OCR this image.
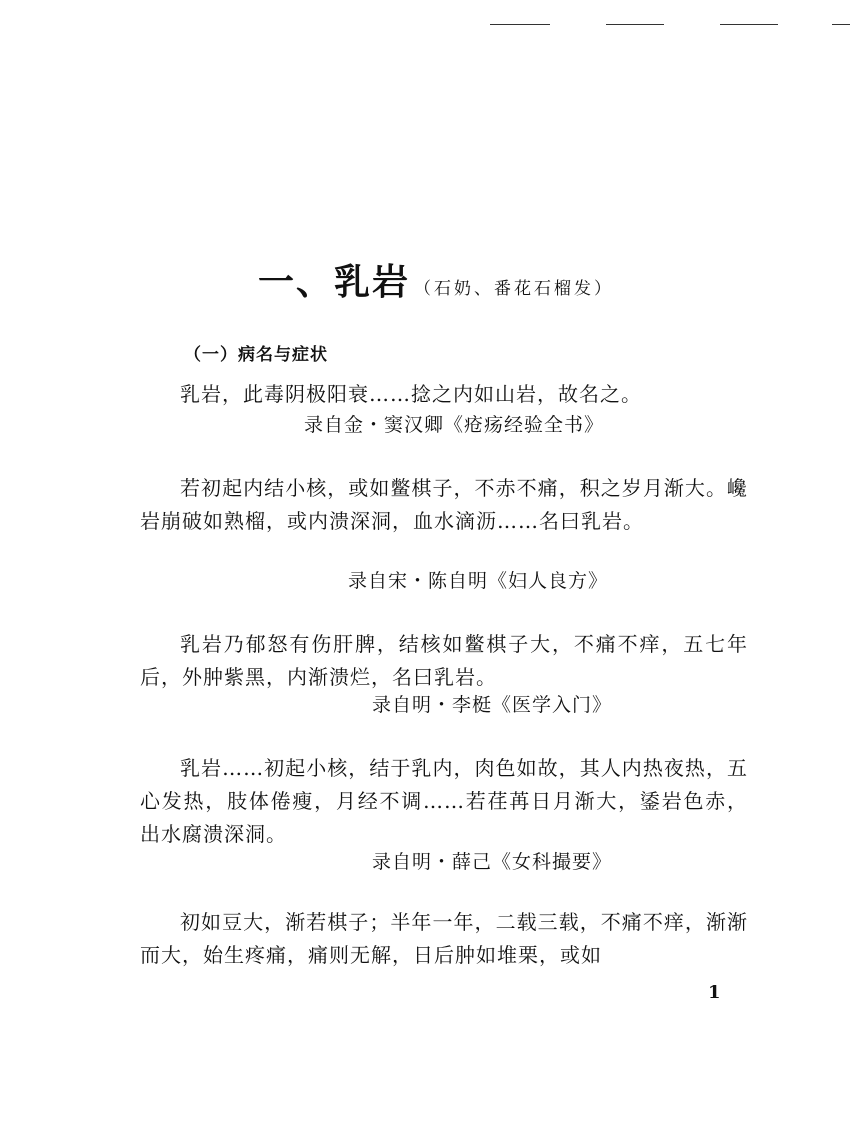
一、乳岩 （石奶、番花石榴发）
（一）病名与症状

乳岩，此毒阴极阳衰……捻之内如山岩，故名之。

录自金・窦汉卿《疮疡经验全书》

若初起内结小核，或如鳖棋子，不赤不痛，积之岁月渐大。巉岩崩破如熟榴，或内溃深洞，血水滴沥……名曰乳岩。

录自宋・陈自明《妇人良方》

乳岩乃郁怒有伤肝脾，结核如鳖棋子大，不痛不痒，五七年后，外肿紫黑，内渐溃烂，名曰乳岩。

录自明・李梃《医学入门》

乳岩……初起小核，结于乳内，肉色如故，其人内热夜热，五心发热，肢体倦瘦，月经不调……若荏苒日月渐大，鋈岩色赤，出水腐溃深洞。

录自明・薛己《女科撮要》

初如豆大，渐若棋子；半年一年，二载三载，不痛不痒，渐渐而大，始生疼痛，痛则无解，日后肿如堆栗，或如

1
